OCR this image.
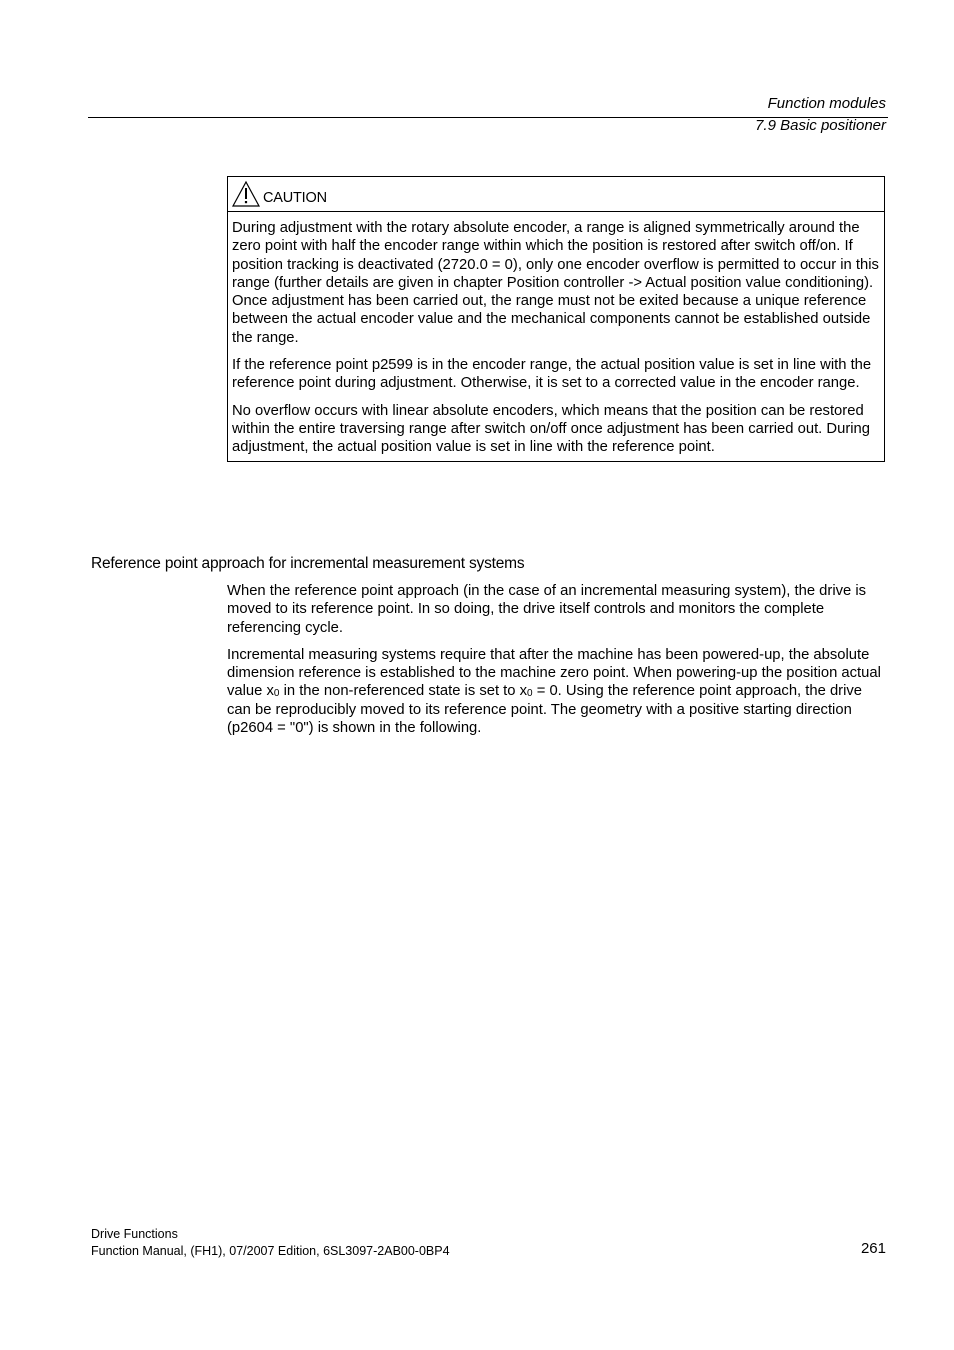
Function modules
7.9 Basic positioner
CAUTION

During adjustment with the rotary absolute encoder, a range is aligned symmetrically around the zero point with half the encoder range within which the position is restored after switch off/on. If position tracking is deactivated (2720.0 = 0), only one encoder overflow is permitted to occur in this range (further details are given in chapter Position controller -> Actual position value conditioning). Once adjustment has been carried out, the range must not be exited because a unique reference between the actual encoder value and the mechanical components cannot be established outside the range.

If the reference point p2599 is in the encoder range, the actual position value is set in line with the reference point during adjustment. Otherwise, it is set to a corrected value in the encoder range.

No overflow occurs with linear absolute encoders, which means that the position can be restored within the entire traversing range after switch on/off once adjustment has been carried out. During adjustment, the actual position value is set in line with the reference point.

Reference point approach for incremental measurement systems

When the reference point approach (in the case of an incremental measuring system), the drive is moved to its reference point. In so doing, the drive itself controls and monitors the complete referencing cycle.

Incremental measuring systems require that after the machine has been powered-up, the absolute dimension reference is established to the machine zero point. When powering-up the position actual value $x_0$ in the non-referenced state is set to $x_0 = 0$. Using the reference point approach, the drive can be reproducibly moved to its reference point. The geometry with a positive starting direction (p2604 = "0") is shown in the following.

Drive Functions
Function Manual, (FH1), 07/2007 Edition, 6SL3097-2AB00-0BP4	261
